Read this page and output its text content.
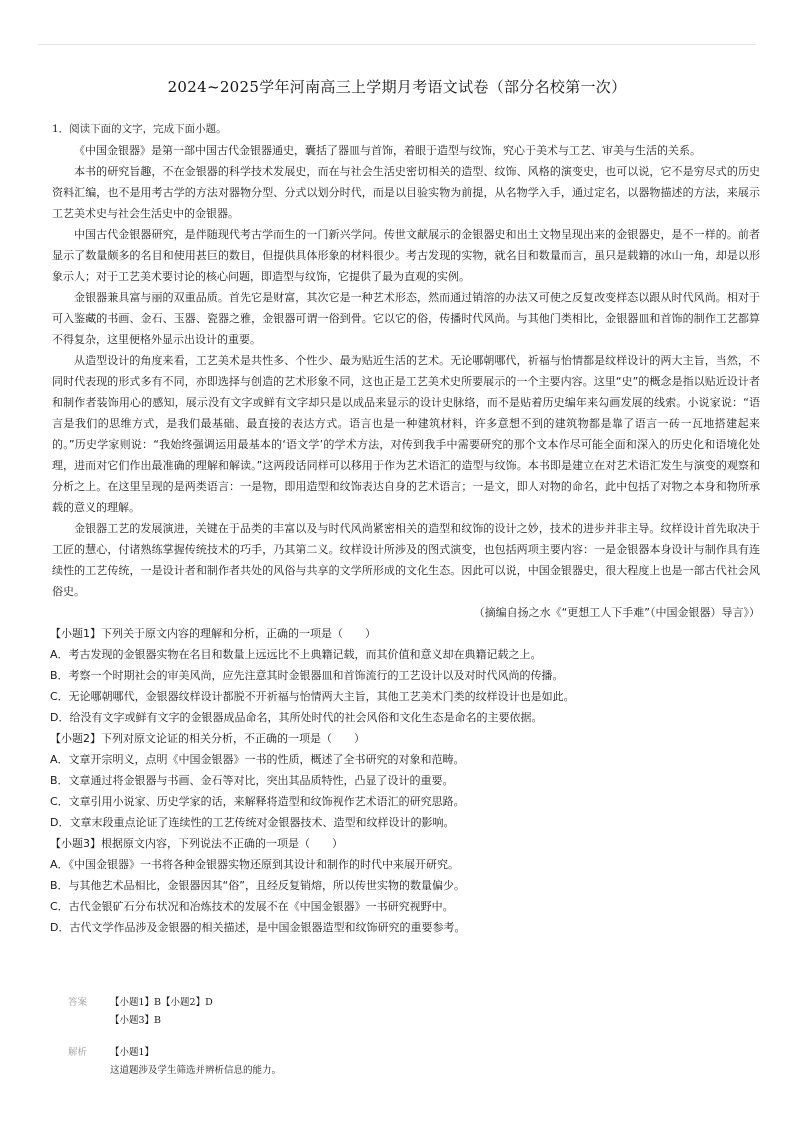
2024~2025学年河南高三上学期月考语文试卷（部分名校第一次）
1．阅读下面的文字，完成下面小题。
《中国金银器》是第一部中国古代金银器通史，囊括了器皿与首饰，着眼于造型与纹饰，究心于美术与工艺、审美与生活的关系。
本书的研究旨趣，不在金银器的科学技术发展史，而在与社会生活史密切相关的造型、纹饰、风格的演变史，也可以说，它不是穷尽式的历史资料汇编，也不是用考古学的方法对器物分型、分式以划分时代，而是以目验实物为前提，从名物学入手，通过定名，以器物描述的方法，来展示工艺美术史与社会生活史中的金银器。
中国古代金银器研究，是伴随现代考古学而生的一门新兴学问。传世文献展示的金银器史和出土文物呈现出来的金银器史，是不一样的。前者显示了数量颇多的名目和使用甚巨的数目，但提供具体形象的材料很少。考古发现的实物，就名目和数量而言，虽只是载籍的冰山一角，却是以形象示人；对于工艺美术要讨论的核心问题，即造型与纹饰，它提供了最为直观的实例。
金银器兼具富与丽的双重品质。首先它是财富，其次它是一种艺术形态，然而通过销溶的办法又可使之反复改变样态以跟从时代风尚。相对于可入鉴藏的书画、金石、玉器、瓷器之雅，金银器可谓一俗到骨。它以它的俗，传播时代风尚。与其他门类相比，金银器皿和首饰的制作工艺都算不得复杂，这里便格外显示出设计的重要。
从造型设计的角度来看，工艺美术是共性多、个性少、最为贴近生活的艺术。无论哪朝哪代，祈福与怡情都是纹样设计的两大主旨，当然，不同时代表现的形式多有不同，亦即选择与创造的艺术形象不同，这也正是工艺美术史所要展示的一个主要内容。这里“史”的概念是指以贴近设计者和制作者装饰用心的感知，展示没有文字或鲜有文字却只是以成品来显示的设计史脉络，而不是贴着历史编年来勾画发展的线索。小说家说：“语言是我们的思维方式，是我们最基础、最直接的表达方式。语言也是一种建筑材料，许多意想不到的建筑物都是靠了语言一砖一瓦地搭建起来的。”历史学家则说：“我始终强调运用最基本的‘语文学’的学术方法，对传到我手中需要研究的那个文本作尽可能全面和深入的历史化和语境化处理，进而对它们作出最准确的理解和解读。”这两段话同样可以移用于作为艺术语汇的造型与纹饰。本书即是建立在对艺术语汇发生与演变的观察和分析之上。在这里呈现的是两类语言：一是物，即用造型和纹饰表达自身的艺术语言；一是文，即人对物的命名，此中包括了对物之本身和物所承载的意义的理解。
金银器工艺的发展演进，关键在于品类的丰富以及与时代风尚紧密相关的造型和纹饰的设计之妙，技术的进步并非主导。纹样设计首先取决于工匠的慧心，付诸熟练掌握传统技术的巧手，乃其第二义。纹样设计所涉及的图式演变，也包括两项主要内容：一是金银器本身设计与制作具有连续性的工艺传统，一是设计者和制作者共处的风俗与共享的文学所形成的文化生态。因此可以说，中国金银器史，很大程度上也是一部古代社会风俗史。
（摘编自扬之水《“更想工人下手难”（中国金银器）导言》）
【小题1】下列关于原文内容的理解和分析，正确的一项是（　　）
A．考古发现的金银器实物在名目和数量上远远比不上典籍记载，而其价值和意义却在典籍记载之上。
B．考察一个时期社会的审美风尚，应先注意其时金银器皿和首饰流行的工艺设计以及对时代风尚的传播。
C．无论哪朝哪代，金银器纹样设计都脱不开祈福与怡情两大主旨，其他工艺美术门类的纹样设计也是如此。
D．给没有文字或鲜有文字的金银器成品命名，其所处时代的社会风俗和文化生态是命名的主要依据。
【小题2】下列对原文论证的相关分析，不正确的一项是（　　）
A．文章开宗明义，点明《中国金银器》一书的性质，概述了全书研究的对象和范畴。
B．文章通过将金银器与书画、金石等对比，突出其品质特性，凸显了设计的重要。
C．文章引用小说家、历史学家的话，来解释将造型和纹饰视作艺术语汇的研究思路。
D．文章末段重点论证了连续性的工艺传统对金银器技术、造型和纹样设计的影响。
【小题3】根据原文内容，下列说法不正确的一项是（　　）
A．《中国金银器》一书将各种金银器实物还原到其设计和制作的时代中来展开研究。
B．与其他艺术品相比，金银器因其“俗”，且经反复销熔，所以传世实物的数量偏少。
C．古代金银矿石分布状况和冶炼技术的发展不在《中国金银器》一书研究视野中。
D．古代文学作品涉及金银器的相关描述，是中国金银器造型和纹饰研究的重要参考。
答案	【小题1】B【小题2】D
【小题3】B
解析	【小题1】
这道题涉及学生筛选并辨析信息的能力。
